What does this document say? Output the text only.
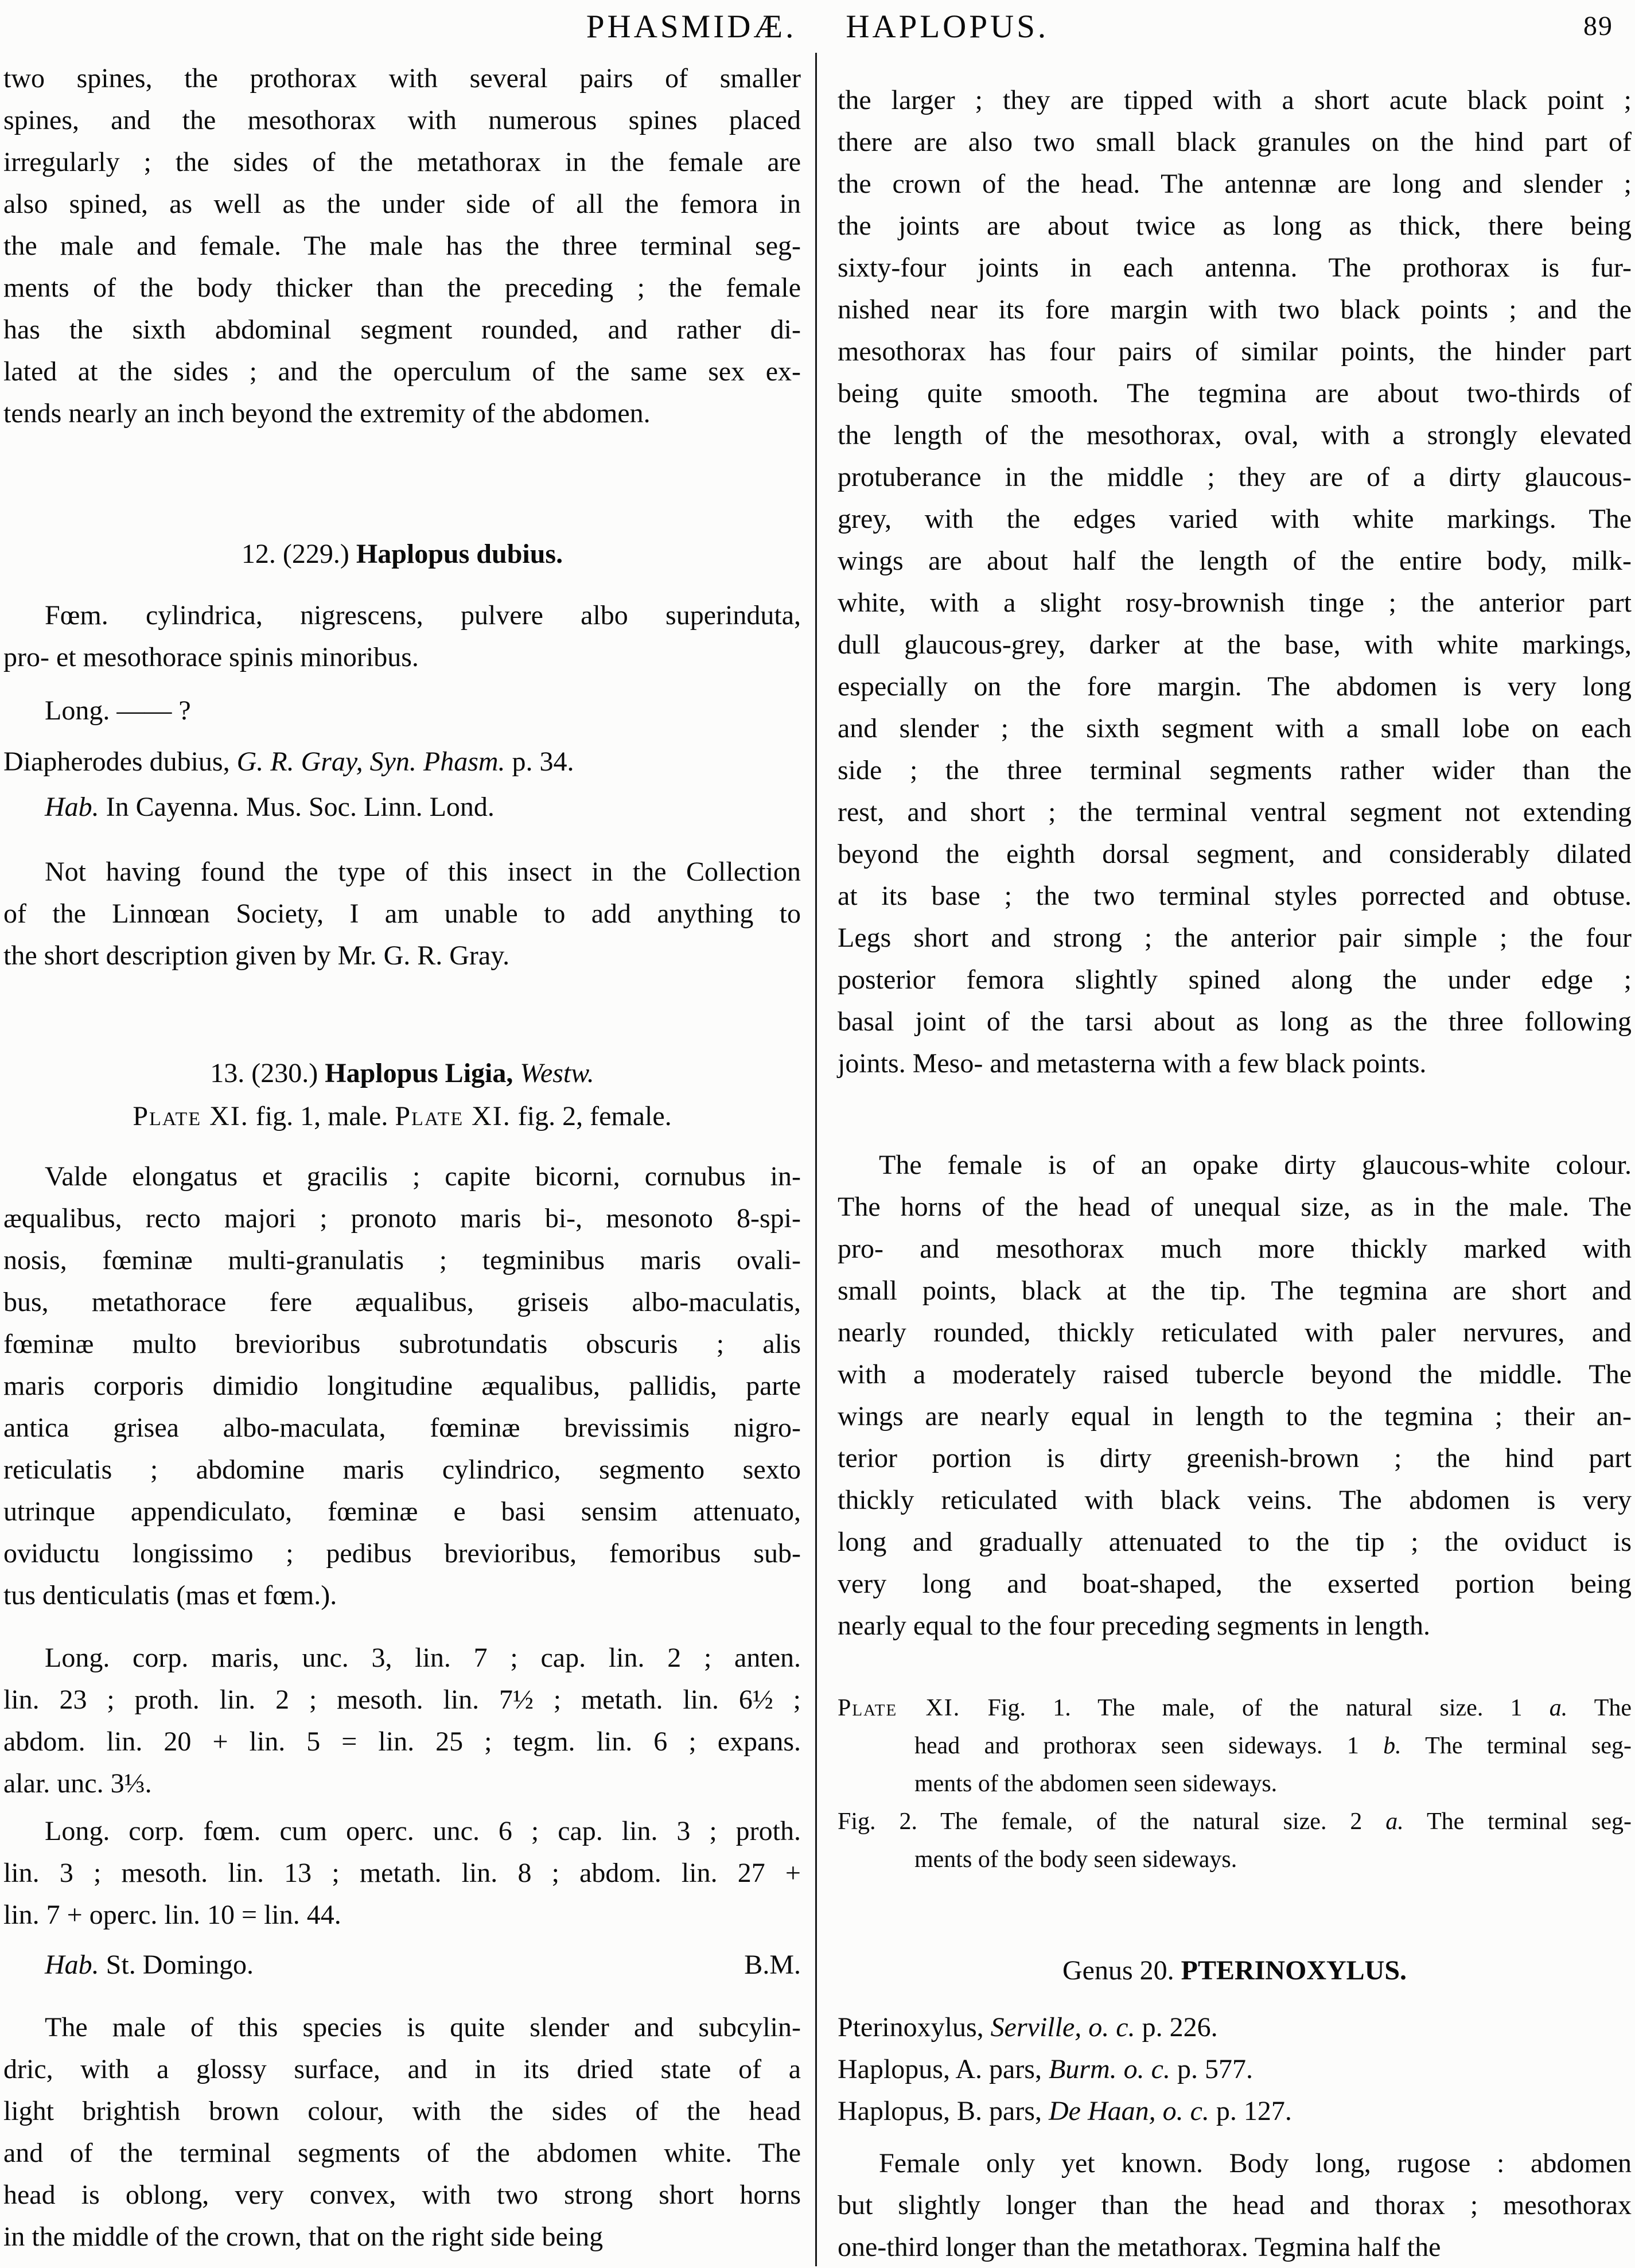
PHASMIDÆ. HAPLOPUS.	89
two spines, the prothorax with several pairs of smaller
spines, and the mesothorax with numerous spines placed
irregularly ; the sides of the metathorax in the female are
also spined, as well as the under side of all the femora in
the male and female. The male has the three terminal seg-
ments of the body thicker than the preceding ; the female
has the sixth abdominal segment rounded, and rather di-
lated at the sides ; and the operculum of the same sex ex-
tends nearly an inch beyond the extremity of the abdomen.
12. (229.) Haplopus dubius.
Fœm. cylindrica, nigrescens, pulvere albo superinduta,
pro- et mesothorace spinis minoribus.
Long. —— ?
Diapherodes dubius, G. R. Gray, Syn. Phasm. p. 34.
Hab. In Cayenna. Mus. Soc. Linn. Lond.
Not having found the type of this insect in the Collection
of the Linnœan Society, I am unable to add anything to
the short description given by Mr. G. R. Gray.
13. (230.) Haplopus Ligia, Westw.
Plate XI. fig. 1, male. Plate XI. fig. 2, female.
Valde elongatus et gracilis ; capite bicorni, cornubus in-
æqualibus, recto majori ; pronoto maris bi-, mesonoto 8-spi-
nosis, fœminæ multi-granulatis ; tegminibus maris ovali-
bus, metathorace fere æqualibus, griseis albo-maculatis,
fœminæ multo brevioribus subrotundatis obscuris ; alis
maris corporis dimidio longitudine æqualibus, pallidis, parte
antica grisea albo-maculata, fœminæ brevissimis nigro-
reticulatis ; abdomine maris cylindrico, segmento sexto
utrinque appendiculato, fœminæ e basi sensim attenuato,
oviductu longissimo ; pedibus brevioribus, femoribus sub-
tus denticulatis (mas et fœm.).
Long. corp. maris, unc. 3, lin. 7 ; cap. lin. 2 ; anten.
lin. 23 ; proth. lin. 2 ; mesoth. lin. 7½ ; metath. lin. 6½ ;
abdom. lin. 20 + lin. 5 = lin. 25 ; tegm. lin. 6 ; expans.
alar. unc. 3⅓.
Long. corp. fœm. cum operc. unc. 6 ; cap. lin. 3 ; proth.
lin. 3 ; mesoth. lin. 13 ; metath. lin. 8 ; abdom. lin. 27 +
lin. 7 + operc. lin. 10 = lin. 44.
Hab. St. Domingo.	B.M.
The male of this species is quite slender and subcylin-
dric, with a glossy surface, and in its dried state of a
light brightish brown colour, with the sides of the head
and of the terminal segments of the abdomen white. The
head is oblong, very convex, with two strong short horns
in the middle of the crown, that on the right side being
the larger ; they are tipped with a short acute black point ;
there are also two small black granules on the hind part of
the crown of the head. The antennæ are long and slender ;
the joints are about twice as long as thick, there being
sixty-four joints in each antenna. The prothorax is fur-
nished near its fore margin with two black points ; and the
mesothorax has four pairs of similar points, the hinder part
being quite smooth. The tegmina are about two-thirds of
the length of the mesothorax, oval, with a strongly elevated
protuberance in the middle ; they are of a dirty glaucous-
grey, with the edges varied with white markings. The
wings are about half the length of the entire body, milk-
white, with a slight rosy-brownish tinge ; the anterior part
dull glaucous-grey, darker at the base, with white markings,
especially on the fore margin. The abdomen is very long
and slender ; the sixth segment with a small lobe on each
side ; the three terminal segments rather wider than the
rest, and short ; the terminal ventral segment not extending
beyond the eighth dorsal segment, and considerably dilated
at its base ; the two terminal styles porrected and obtuse.
Legs short and strong ; the anterior pair simple ; the four
posterior femora slightly spined along the under edge ;
basal joint of the tarsi about as long as the three following
joints. Meso- and metasterna with a few black points.
The female is of an opake dirty glaucous-white colour.
The horns of the head of unequal size, as in the male. The
pro- and mesothorax much more thickly marked with
small points, black at the tip. The tegmina are short and
nearly rounded, thickly reticulated with paler nervures, and
with a moderately raised tubercle beyond the middle. The
wings are nearly equal in length to the tegmina ; their an-
terior portion is dirty greenish-brown ; the hind part
thickly reticulated with black veins. The abdomen is very
long and gradually attenuated to the tip ; the oviduct is
very long and boat-shaped, the exserted portion being
nearly equal to the four preceding segments in length.
Plate XI. Fig. 1. The male, of the natural size. 1 a. The
head and prothorax seen sideways. 1 b. The terminal seg-
ments of the abdomen seen sideways.
Fig. 2. The female, of the natural size. 2 a. The terminal seg-
ments of the body seen sideways.
Genus 20. PTERINOXYLUS.
Pterinoxylus, Serville, o. c. p. 226.
Haplopus, A. pars, Burm. o. c. p. 577.
Haplopus, B. pars, De Haan, o. c. p. 127.
Female only yet known. Body long, rugose : abdomen
but slightly longer than the head and thorax ; mesothorax
one-third longer than the metathorax. Tegmina half the
